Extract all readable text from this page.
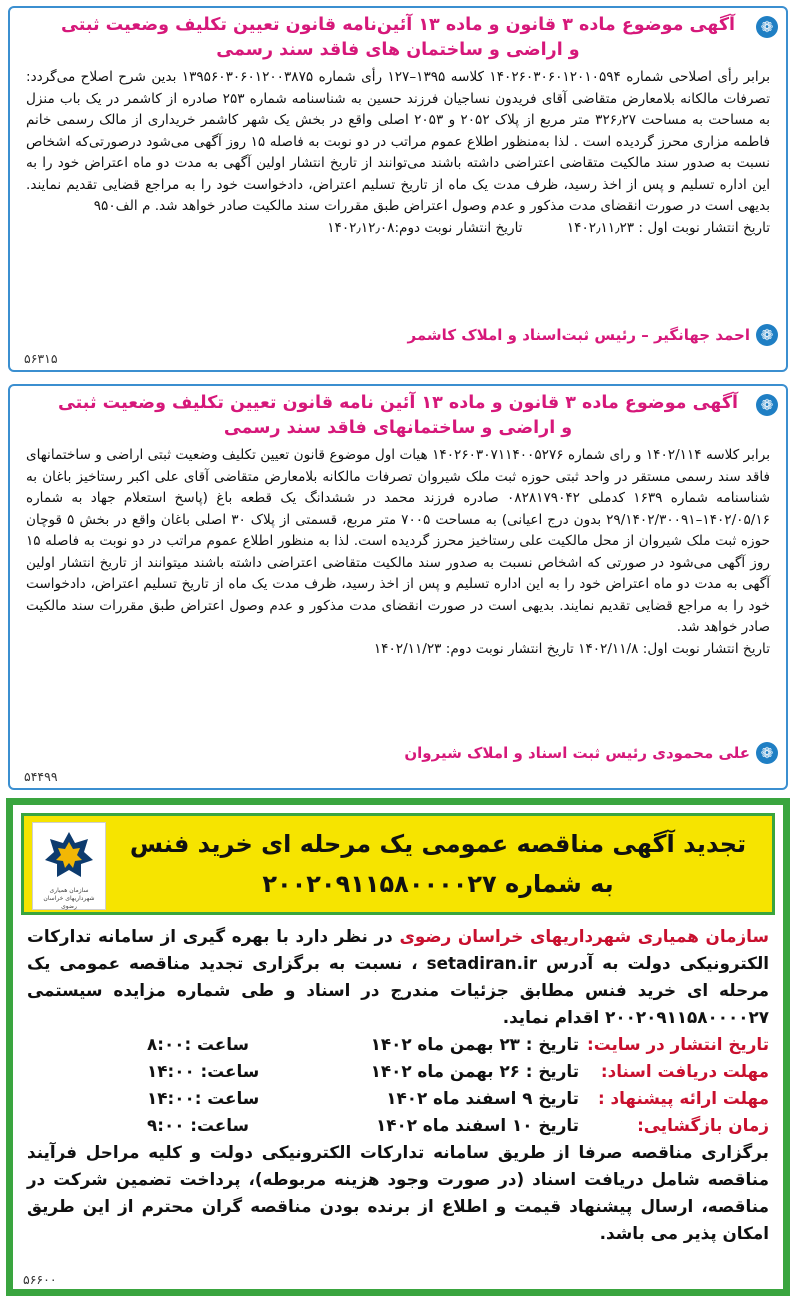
❁
آگهی موضوع ماده ۳ قانون و ماده ۱۳ آئین‌نامه قانون تعیین تکلیف وضعیت ثبتی و اراضی و ساختمان های فاقد سند رسمی
برابر رأی اصلاحی شماره ۱۴۰۲۶۰۳۰۶۰۱۲۰۱۰۵۹۴ کلاسه ۱۳۹۵–۱۲۷ رأی شماره ۱۳۹۵۶۰۳۰۶۰۱۲۰۰۳۸۷۵ بدین شرح اصلاح می‌گردد: تصرفات مالکانه بلامعارض متقاضی آقای فریدون نساجیان فرزند حسین به شناسنامه شماره ۲۵۳ صادره از کاشمر در یک باب منزل به مساحت به مساحت ۳۲۶٫۲۷ متر مربع از پلاک ۲۰۵۲ و ۲۰۵۳ اصلی واقع در بخش یک شهر کاشمر خریداری از مالک رسمی خانم فاطمه مزاری محرز گردیده است . لذا به‌منظور اطلاع عموم مراتب در دو نوبت به فاصله ۱۵ روز آگهی می‌شود درصورتی‌که اشخاص نسبت به صدور سند مالکیت متقاضی اعتراضی داشته باشند می‌توانند از تاریخ انتشار اولین آگهی به مدت دو ماه اعتراض خود را به این اداره تسلیم و پس از اخذ رسید، ظرف مدت یک ماه از تاریخ تسلیم اعتراض، دادخواست خود را به مراجع قضایی تقدیم نمایند. بدیهی است در صورت انقضای مدت مذکور و عدم وصول اعتراض طبق مقررات سند مالکیت صادر خواهد شد. م الف۹۵۰
تاریخ انتشار نوبت اول : ۱۴۰۲٫۱۱٫۲۳ تاریخ انتشار نوبت دوم:۱۴۰۲٫۱۲٫۰۸
❁
احمد جهانگیر – رئیس ثبت‌اسناد و املاک کاشمر
۵۶۳۱۵
❁
آگهی موضوع ماده ۳ قانون و ماده ۱۳ آئین نامه قانون تعیین تکلیف وضعیت ثبتی و اراضی و ساختمانهای فاقد سند رسمی
برابر کلاسه ۱۴۰۲/۱۱۴ و رای شماره ۱۴۰۲۶۰۳۰۷۱۱۴۰۰۵۲۷۶ هیات اول موضوع قانون تعیین تکلیف وضعیت ثبتی اراضی و ساختمانهای فاقد سند رسمی مستقر در واحد ثبتی حوزه ثبت ملک شیروان تصرفات مالکانه بلامعارض متقاضی آقای علی اکبر رستاخیز باغان به شناسنامه شماره ۱۶۳۹ کدملی ۰۸۲۸۱۷۹۰۴۲ صادره فرزند محمد در ششدانگ یک قطعه باغ (پاسخ استعلام جهاد به شماره ۱۴۰۲/۰۵/۱۶–۲۹/۱۴۰۲/۳۰۰۹۱ بدون درج اعیانی) به مساحت ۷۰۰۵ متر مربع، قسمتی از پلاک ۳۰ اصلی باغان واقع در بخش ۵ قوچان حوزه ثبت ملک شیروان از محل مالکیت علی رستاخیز محرز گردیده است. لذا به منظور اطلاع عموم مراتب در دو نوبت به فاصله ۱۵ روز آگهی می‌شود در صورتی که اشخاص نسبت به صدور سند مالکیت متقاضی اعتراضی داشته باشند میتوانند از تاریخ انتشار اولین آگهی به مدت دو ماه اعتراض خود را به این اداره تسلیم و پس از اخذ رسید، ظرف مدت یک ماه از تاریخ تسلیم اعتراض، دادخواست خود را به مراجع قضایی تقدیم نمایند. بدیهی است در صورت انقضای مدت مذکور و عدم وصول اعتراض طبق مقررات سند مالکیت صادر خواهد شد.
تاریخ انتشار نوبت اول: ۱۴۰۲/۱۱/۸ تاریخ انتشار نوبت دوم: ۱۴۰۲/۱۱/۲۳
❁
علی محمودی رئیس ثبت اسناد و املاک شیروان
۵۴۴۹۹
سازمان همیاری شهرداریهای خراسان رضوی
تجدید آگهی مناقصه عمومی یک مرحله ای خرید فنس
به شماره ۲۰۰۲۰۹۱۱۵۸۰۰۰۰۲۷
سازمان همیاری شهرداریهای خراسان رضوی در نظر دارد با بهره گیری از سامانه تدارکات الکترونیکی دولت به آدرس setadiran.ir ، نسبت به برگزاری تجدید مناقصه عمومی یک مرحله ای خرید فنس مطابق جزئیات مندرج در اسناد و طی شماره مزایده سیستمی ۲۰۰۲۰۹۱۱۵۸۰۰۰۰۲۷ اقدام نماید.
تاریخ انتشار در سایت:
تاریخ : ۲۳ بهمن ماه ۱۴۰۲
ساعت :۸:۰۰
مهلت دریافت اسناد:
تاریخ : ۲۶ بهمن ماه ۱۴۰۲
ساعت: ۱۴:۰۰
مهلت ارائه پیشنهاد :
تاریخ ۹ اسفند ماه ۱۴۰۲
ساعت :۱۴:۰۰
زمان بازگشایی:
تاریخ ۱۰ اسفند ماه ۱۴۰۲
ساعت: ۹:۰۰
برگزاری مناقصه صرفا از طریق سامانه تدارکات الکترونیکی دولت و کلیه مراحل فرآیند مناقصه شامل دریافت اسناد (در صورت وجود هزینه مربوطه)، پرداخت تضمین شرکت در مناقصه، ارسال پیشنهاد قیمت و اطلاع از برنده بودن مناقصه گران محترم از این طریق امکان پذیر می باشد.
۵۶۶۰۰
